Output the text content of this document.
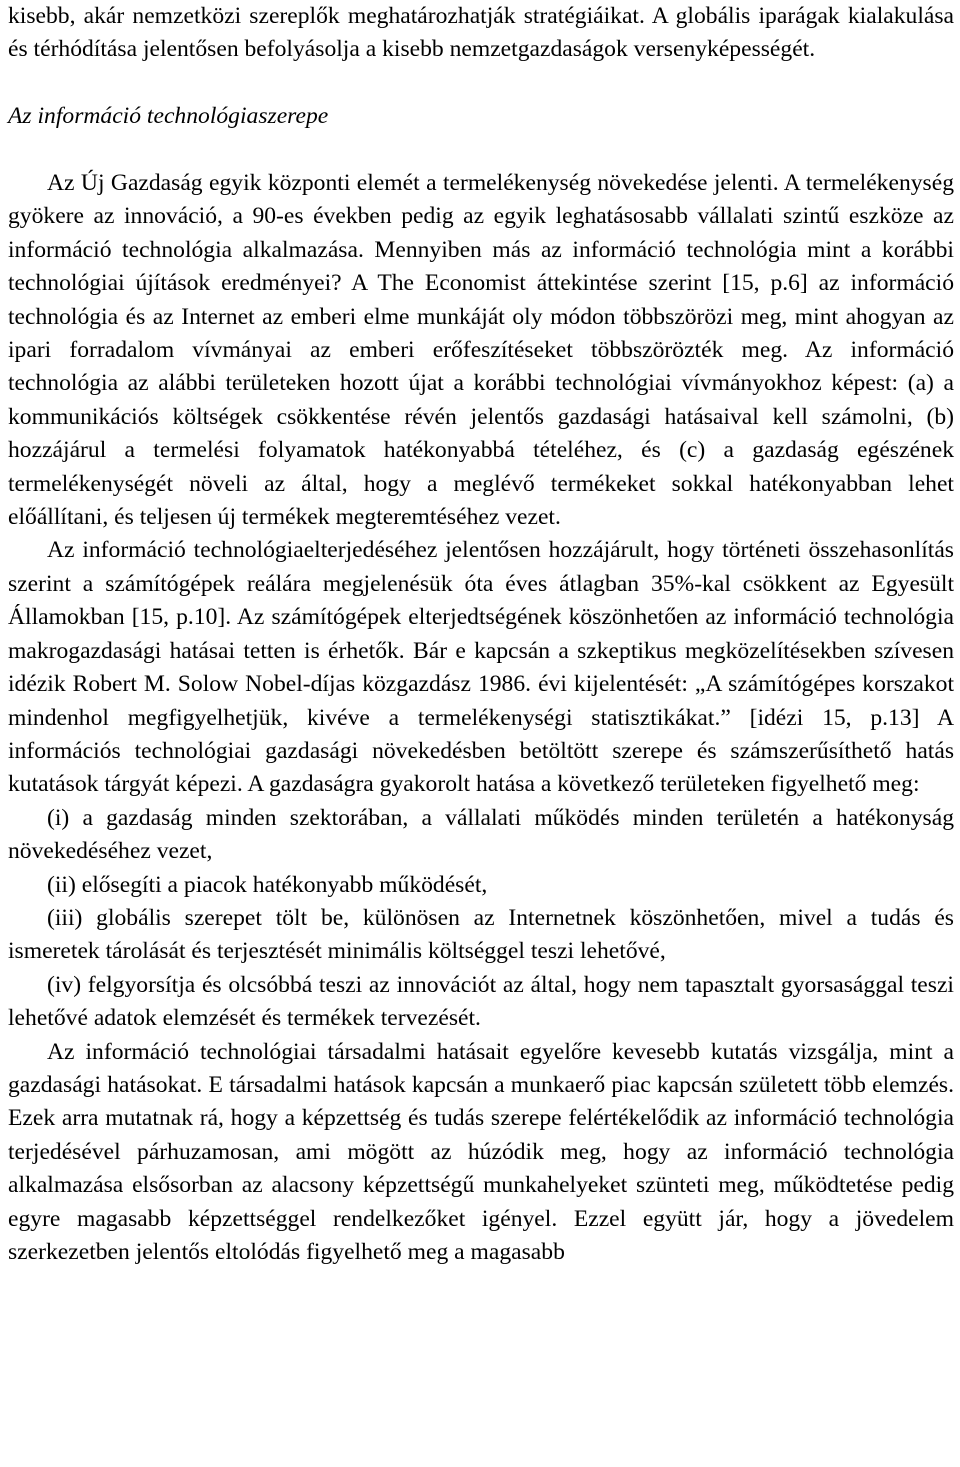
kisebb, akár nemzetközi szereplők meghatározhatják stratégiáikat. A globális iparágak kialakulása és térhódítása jelentősen befolyásolja a kisebb nemzetgazdaságok versenyképességét.

Az információ technológiaszerepe

Az Új Gazdaság egyik központi elemét a termelékenység növekedése jelenti. A termelékenység gyökere az innováció, a 90-es években pedig az egyik leghatásosabb vállalati szintű eszköze az információ technológia alkalmazása. Mennyiben más az információ technológia mint a korábbi technológiai újítások eredményei? A The Economist áttekintése szerint [15, p.6] az információ technológia és az Internet az emberi elme munkáját oly módon többszörözi meg, mint ahogyan az ipari forradalom vívmányai az emberi erőfeszítéseket többszörözték meg. Az információ technológia az alábbi területeken hozott újat a korábbi technológiai vívmányokhoz képest: (a) a kommunikációs költségek csökkentése révén jelentős gazdasági hatásaival kell számolni, (b) hozzájárul a termelési folyamatok hatékonyabbá tételéhez, és (c) a gazdaság egészének termelékenységét növeli az által, hogy a meglévő termékeket sokkal hatékonyabban lehet előállítani, és teljesen új termékek megteremtéséhez vezet.

Az információ technológiaelterjedéséhez jelentősen hozzájárult, hogy történeti összehasonlítás szerint a számítógépek reálára megjelenésük óta éves átlagban 35%-kal csökkent az Egyesült Államokban [15, p.10]. Az számítógépek elterjedtségének köszönhetően az információ technológia makrogazdasági hatásai tetten is érhetők. Bár e kapcsán a szkeptikus megközelítésekben szívesen idézik Robert M. Solow Nobel-díjas közgazdász 1986. évi kijelentését: „A számítógépes korszakot mindenhol megfigyelhetjük, kivéve a termelékenységi statisztikákat.” [idézi 15, p.13] A információs technológiai gazdasági növekedésben betöltött szerepe és számszerűsíthető hatás kutatások tárgyát képezi. A gazdaságra gyakorolt hatása a következő területeken figyelhető meg:

(i) a gazdaság minden szektorában, a vállalati működés minden területén a hatékonyság növekedéséhez vezet,

(ii) elősegíti a piacok hatékonyabb működését,

(iii) globális szerepet tölt be, különösen az Internetnek köszönhetően, mivel a tudás és ismeretek tárolását és terjesztését minimális költséggel teszi lehetővé,

(iv) felgyorsítja és olcsóbbá teszi az innovációt az által, hogy nem tapasztalt gyorsasággal teszi lehetővé adatok elemzését és termékek tervezését.

Az információ technológiai társadalmi hatásait egyelőre kevesebb kutatás vizsgálja, mint a gazdasági hatásokat. E társadalmi hatások kapcsán a munkaerő piac kapcsán született több elemzés. Ezek arra mutatnak rá, hogy a képzettség és tudás szerepe felértékelődik az információ technológia terjedésével párhuzamosan, ami mögött az húzódik meg, hogy az információ technológia alkalmazása elsősorban az alacsony képzettségű munkahelyeket szünteti meg, működtetése pedig egyre magasabb képzettséggel rendelkezőket igényel. Ezzel együtt jár, hogy a jövedelem szerkezetben jelentős eltolódás figyelhető meg a magasabb
